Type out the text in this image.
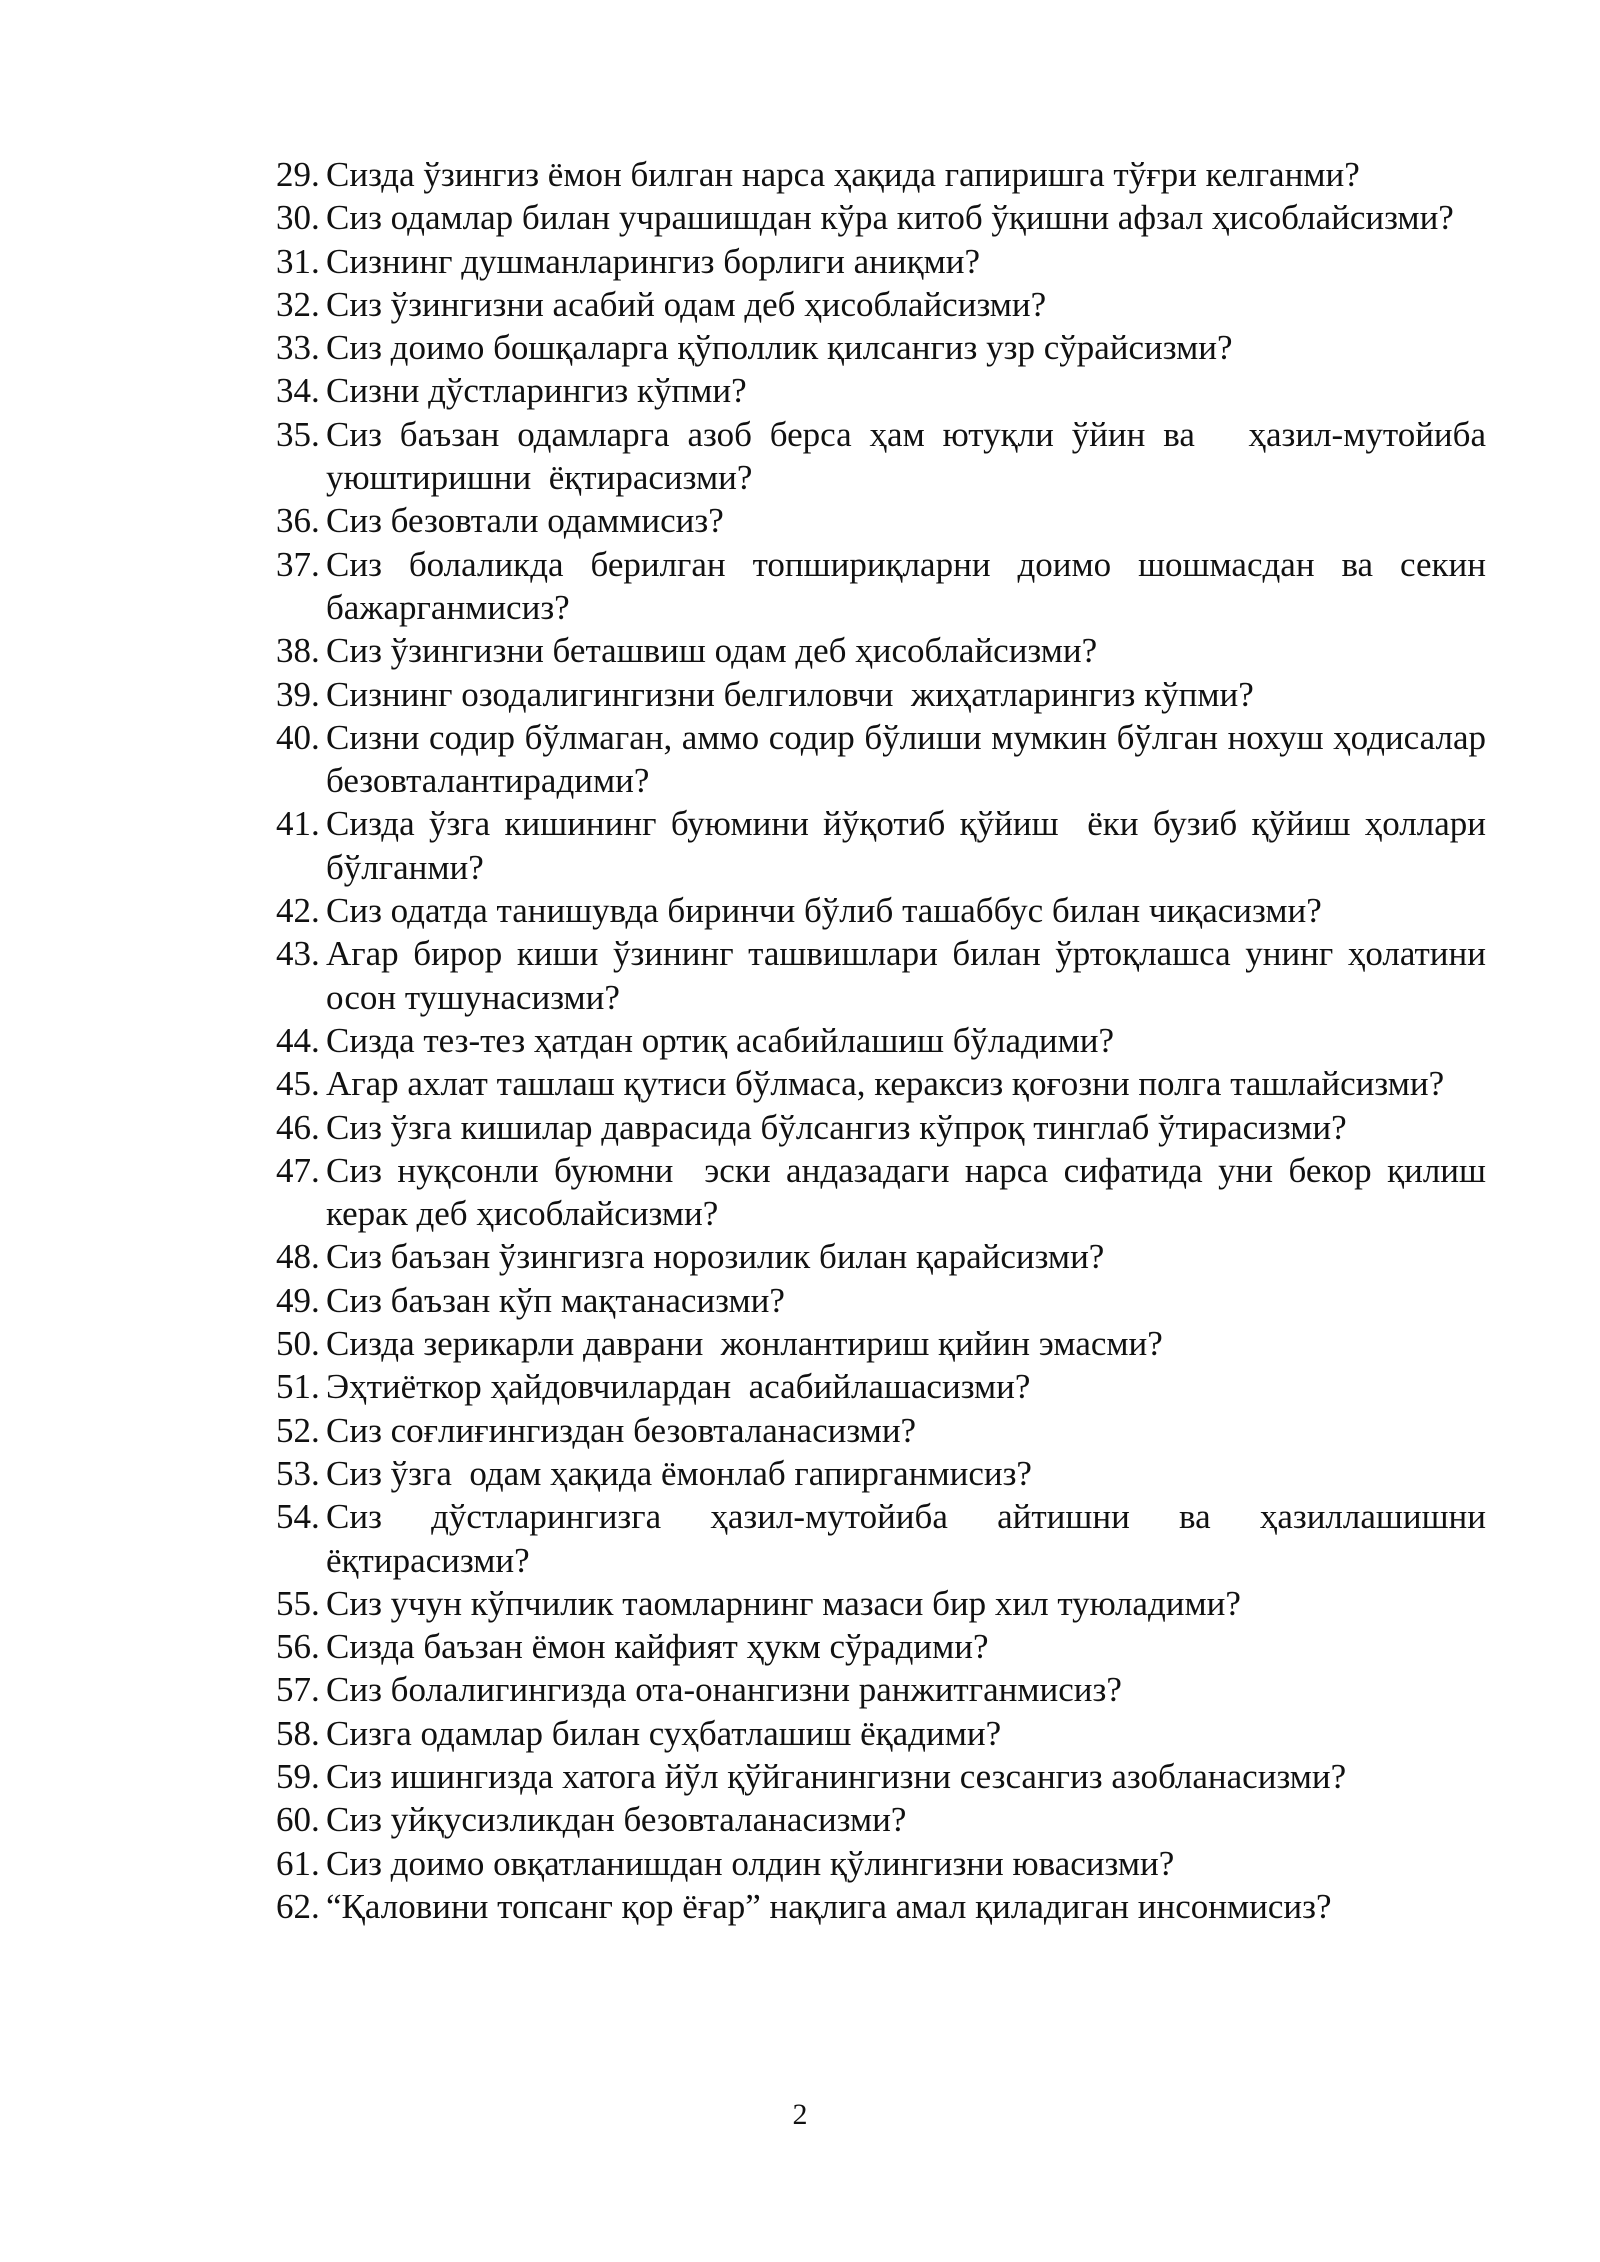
29. Сизда ўзингиз ёмон билган нарса ҳақида гапиришга тўғри келганми?
30. Сиз одамлар билан учрашишдан кўра китоб ўқишни афзал ҳисоблайсизми?
31. Сизнинг душманларингиз борлиги аниқми?
32. Сиз ўзингизни асабий одам деб ҳисоблайсизми?
33. Сиз доимо бошқаларга қўполлик қилсангиз узр сўрайсизми?
34. Сизни дўстларингиз кўпми?
35. Сиз баъзан одамларга азоб берса ҳам ютуқли ўйин ва   ҳазил-мутойиба уюштиришни  ёқтирасизми?
36. Сиз безовтали одаммисиз?
37. Сиз болаликда берилган топшириқларни доимо шошмасдан ва секин бажарганмисиз?
38. Сиз ўзингизни беташвиш одам деб ҳисоблайсизми?
39. Сизнинг озодалигингизни белгиловчи  жиҳатларингиз кўпми?
40. Сизни содир бўлмаган, аммо содир бўлиши мумкин бўлган нохуш ҳодисалар безовталантирадими?
41. Сизда ўзга кишининг буюмини йўқотиб қўйиш  ёки бузиб қўйиш ҳоллари бўлганми?
42. Сиз одатда танишувда биринчи бўлиб ташаббус билан чиқасизми?
43. Агар бирор киши ўзининг ташвишлари билан ўртоқлашса унинг ҳолатини осон тушунасизми?
44. Сизда тез-тез ҳатдан ортиқ асабийлашиш бўладими?
45. Агар ахлат ташлаш қутиси бўлмаса, кераксиз қоғозни полга ташлайсизми?
46. Сиз ўзга кишилар даврасида бўлсангиз кўпроқ тинглаб ўтирасизми?
47. Сиз нуқсонли буюмни  эски андазадаги нарса сифатида уни бекор қилиш керак деб ҳисоблайсизми?
48. Сиз баъзан ўзингизга норозилик билан қарайсизми?
49. Сиз баъзан кўп мақтанасизми?
50. Сизда зерикарли даврани  жонлантириш қийин эмасми?
51. Эҳтиёткор ҳайдовчилардан  асабийлашасизми?
52. Сиз соғлиғингиздан безовталанасизми?
53. Сиз ўзга  одам ҳақида ёмонлаб гапирганмисиз?
54. Сиз дўстларингизга ҳазил-мутойиба айтишни ва ҳазиллашишни ёқтирасизми?
55. Сиз учун кўпчилик таомларнинг мазаси бир хил туюладими?
56. Сизда баъзан ёмон кайфият ҳукм сўрадими?
57. Сиз болалигингизда ота-онангизни ранжитганмисиз?
58. Сизга одамлар билан суҳбатлашиш ёқадими?
59. Сиз ишингизда хатога йўл қўйганингизни сезсангиз азобланасизми?
60. Сиз уйқусизликдан безовталанасизми?
61. Сиз доимо овқатланишдан олдин қўлингизни ювасизми?
62. “Қаловини топсанг қор ёғар” нақлига амал қиладиган инсонмисиз?
2
